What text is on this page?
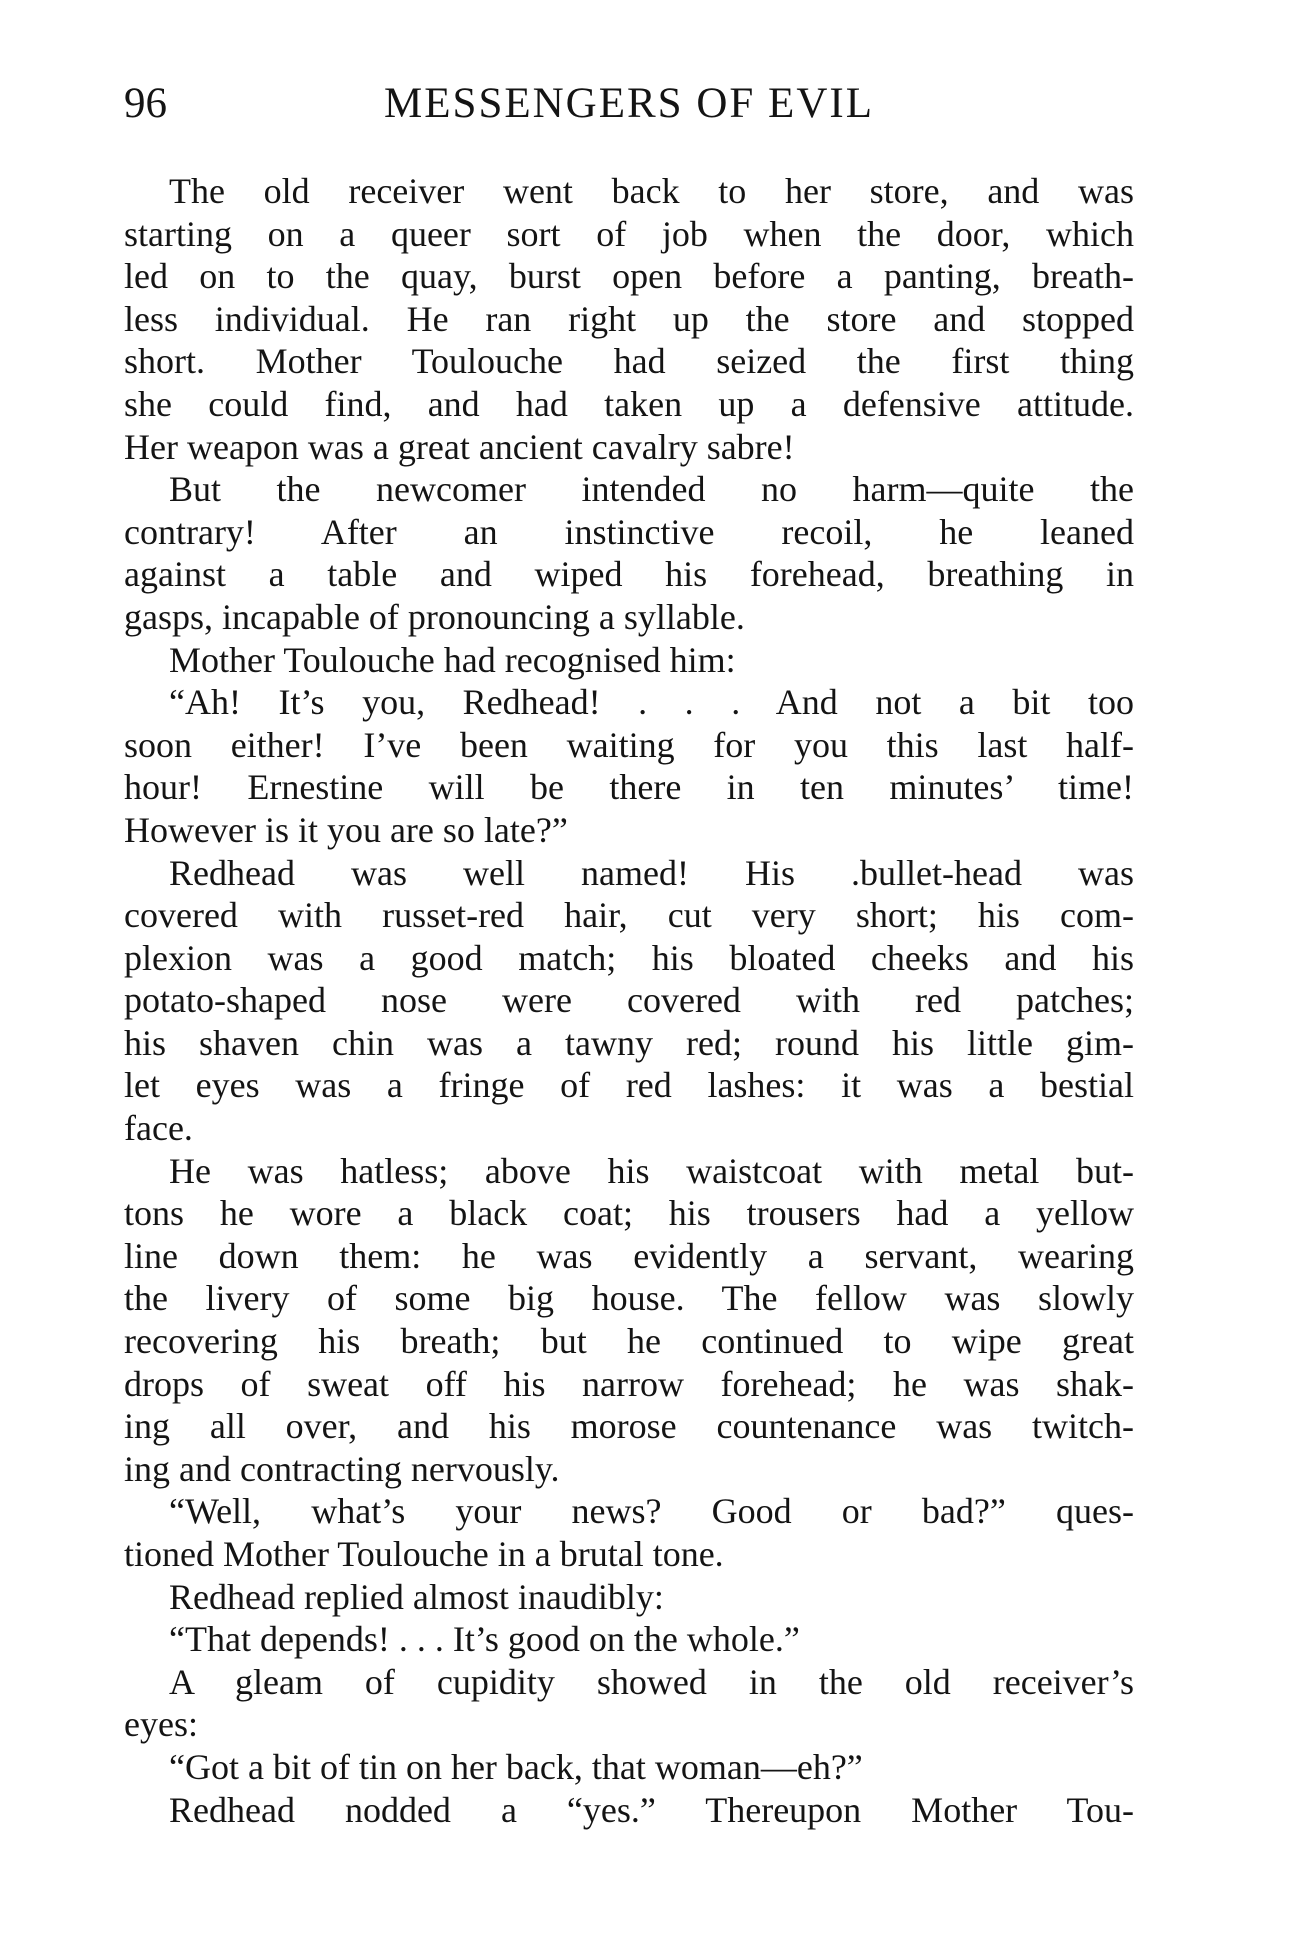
96	MESSENGERS OF EVIL
The old receiver went back to her store, and was
starting on a queer sort of job when the door, which
led on to the quay, burst open before a panting, breath-
less individual. He ran right up the store and stopped
short. Mother Toulouche had seized the first thing
she could find, and had taken up a defensive attitude.
Her weapon was a great ancient cavalry sabre!
But the newcomer intended no harm—quite the
contrary! After an instinctive recoil, he leaned
against a table and wiped his forehead, breathing in
gasps, incapable of pronouncing a syllable.
Mother Toulouche had recognised him:
“Ah! It’s you, Redhead! . . . And not a bit too
soon either! I’ve been waiting for you this last half-
hour! Ernestine will be there in ten minutes’ time!
However is it you are so late?”
Redhead was well named! His .bullet-head was
covered with russet-red hair, cut very short; his com-
plexion was a good match; his bloated cheeks and his
potato-shaped nose were covered with red patches;
his shaven chin was a tawny red; round his little gim-
let eyes was a fringe of red lashes: it was a bestial
face.
He was hatless; above his waistcoat with metal but-
tons he wore a black coat; his trousers had a yellow
line down them: he was evidently a servant, wearing
the livery of some big house. The fellow was slowly
recovering his breath; but he continued to wipe great
drops of sweat off his narrow forehead; he was shak-
ing all over, and his morose countenance was twitch-
ing and contracting nervously.
“Well, what’s your news? Good or bad?” ques-
tioned Mother Toulouche in a brutal tone.
Redhead replied almost inaudibly:
“That depends! . . . It’s good on the whole.”
A gleam of cupidity showed in the old receiver’s
eyes:
“Got a bit of tin on her back, that woman—eh?”
Redhead nodded a “yes.” Thereupon Mother Tou-
